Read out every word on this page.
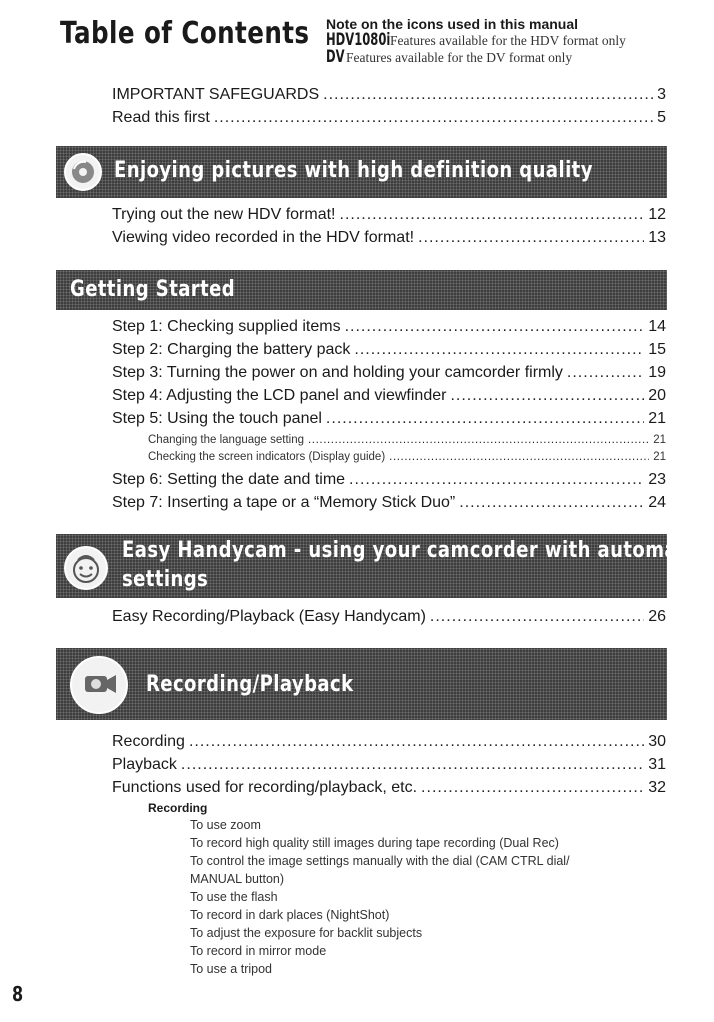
Table of Contents Note on the icons used in this manual
HDV1080iFeatures available for the HDV format only
DVFeatures available for the DV format only
IMPORTANT SAFEGUARDS .....	3
Read this first .....	5
Enjoying pictures with high definition quality
Trying out the new HDV format! .....	12
Viewing video recorded in the HDV format! .....	13
Getting Started
Step 1: Checking supplied items .....	14
Step 2: Charging the battery pack .....	15
Step 3: Turning the power on and holding your camcorder firmly .....	19
Step 4: Adjusting the LCD panel and viewfinder .....	20
Step 5: Using the touch panel .....	21
Changing the language setting .....	21
Checking the screen indicators (Display guide) .....	21
Step 6: Setting the date and time .....	23
Step 7: Inserting a tape or a “Memory Stick Duo” .....	24
Easy Handycam - using your camcorder with automatic
settings
Easy Recording/Playback (Easy Handycam) .....	26
Recording/Playback
Recording .....	30
Playback .....	31
Functions used for recording/playback, etc. .....	32
Recording
To use zoom
To record high quality still images during tape recording (Dual Rec)
To control the image settings manually with the dial (CAM CTRL dial/
MANUAL button)
To use the flash
To record in dark places (NightShot)
To adjust the exposure for backlit subjects
To record in mirror mode
To use a tripod
8
